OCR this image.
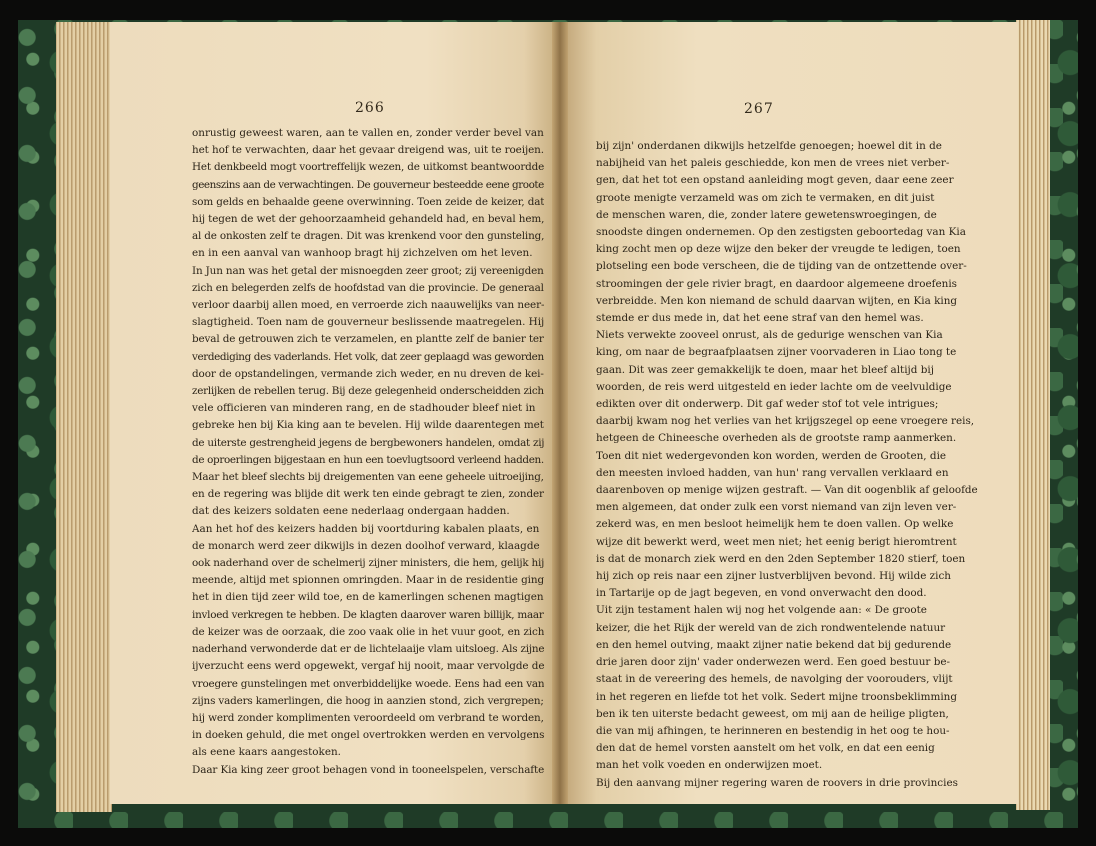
266

onrustig geweest waren, aan te vallen en, zonder verder bevel van

het hof te verwachten, daar het gevaar dreigend was, uit te roeijen.

Het denkbeeld mogt voortreffelijk wezen, de uitkomst beantwoordde

geenszins aan de verwachtingen. De gouverneur besteedde eene groote

som gelds en behaalde geene overwinning. Toen zeide de keizer, dat

hij tegen de wet der gehoorzaamheid gehandeld had, en beval hem,

al de onkosten zelf te dragen. Dit was krenkend voor den gunsteling,

en in een aanval van wanhoop bragt hij zichzelven om het leven.

In Jun nan was het getal der misnoegden zeer groot; zij vereenigden

zich en belegerden zelfs de hoofdstad van die provincie. De generaal

verloor daarbij allen moed, en verroerde zich naauwelijks van neer-

slagtigheid. Toen nam de gouverneur beslissende maatregelen. Hij

beval de getrouwen zich te verzamelen, en plantte zelf de banier ter

verdediging des vaderlands. Het volk, dat zeer geplaagd was geworden

door de opstandelingen, vermande zich weder, en nu dreven de kei-

zerlijken de rebellen terug. Bij deze gelegenheid onderscheidden zich

vele officieren van minderen rang, en de stadhouder bleef niet in

gebreke hen bij Kia king aan te bevelen. Hij wilde daarentegen met

de uiterste gestrengheid jegens de bergbewoners handelen, omdat zij

de oproerlingen bijgestaan en hun een toevlugtsoord verleend hadden.

Maar het bleef slechts bij dreigementen van eene geheele uitroeijing,

en de regering was blijde dit werk ten einde gebragt te zien, zonder

dat des keizers soldaten eene nederlaag ondergaan hadden.

Aan het hof des keizers hadden bij voortduring kabalen plaats, en

de monarch werd zeer dikwijls in dezen doolhof verward, klaagde

ook naderhand over de schelmerij zijner ministers, die hem, gelijk hij

meende, altijd met spionnen omringden. Maar in de residentie ging

het in dien tijd zeer wild toe, en de kamerlingen schenen magtigen

invloed verkregen te hebben. De klagten daarover waren billijk, maar

de keizer was de oorzaak, die zoo vaak olie in het vuur goot, en zich

naderhand verwonderde dat er de lichtelaaije vlam uitsloeg. Als zijne

ijverzucht eens werd opgewekt, vergaf hij nooit, maar vervolgde de

vroegere gunstelingen met onverbiddelijke woede. Eens had een van

zijns vaders kamerlingen, die hoog in aanzien stond, zich vergrepen;

hij werd zonder komplimenten veroordeeld om verbrand te worden,

in doeken gehuld, die met ongel overtrokken werden en vervolgens

als eene kaars aangestoken.

Daar Kia king zeer groot behagen vond in tooneelspelen, verschafte

267

bij zijn' onderdanen dikwijls hetzelfde genoegen; hoewel dit in de

nabijheid van het paleis geschiedde, kon men de vrees niet verber-

gen, dat het tot een opstand aanleiding mogt geven, daar eene zeer

groote menigte verzameld was om zich te vermaken, en dit juist

de menschen waren, die, zonder latere gewetenswroegingen, de

snoodste dingen ondernemen. Op den zestigsten geboortedag van Kia

king zocht men op deze wijze den beker der vreugde te ledigen, toen

plotseling een bode verscheen, die de tijding van de ontzettende over-

stroomingen der gele rivier bragt, en daardoor algemeene droefenis

verbreidde. Men kon niemand de schuld daarvan wijten, en Kia king

stemde er dus mede in, dat het eene straf van den hemel was.

Niets verwekte zooveel onrust, als de gedurige wenschen van Kia

king, om naar de begraafplaatsen zijner voorvaderen in Liao tong te

gaan. Dit was zeer gemakkelijk te doen, maar het bleef altijd bij

woorden, de reis werd uitgesteld en ieder lachte om de veelvuldige

edikten over dit onderwerp. Dit gaf weder stof tot vele intrigues;

daarbij kwam nog het verlies van het krijgszegel op eene vroegere reis,

hetgeen de Chineesche overheden als de grootste ramp aanmerken.

Toen dit niet wedergevonden kon worden, werden de Grooten, die

den meesten invloed hadden, van hun' rang vervallen verklaard en

daarenboven op menige wijzen gestraft. — Van dit oogenblik af geloofde

men algemeen, dat onder zulk een vorst niemand van zijn leven ver-

zekerd was, en men besloot heimelijk hem te doen vallen. Op welke

wijze dit bewerkt werd, weet men niet; het eenig berigt hieromtrent

is dat de monarch ziek werd en den 2den September 1820 stierf, toen

hij zich op reis naar een zijner lustverblijven bevond. Hij wilde zich

in Tartarije op de jagt begeven, en vond onverwacht den dood.

Uit zijn testament halen wij nog het volgende aan: « De groote

keizer, die het Rijk der wereld van de zich rondwentelende natuur

en den hemel outving, maakt zijner natie bekend dat bij gedurende

drie jaren door zijn' vader onderwezen werd. Een goed bestuur be-

staat in de vereering des hemels, de navolging der voorouders, vlijt

in het regeren en liefde tot het volk. Sedert mijne troonsbeklimming

ben ik ten uiterste bedacht geweest, om mij aan de heilige pligten,

die van mij afhingen, te herinneren en bestendig in het oog te hou-

den dat de hemel vorsten aanstelt om het volk, en dat een eenig

man het volk voeden en onderwijzen moet.

Bij den aanvang mijner regering waren de roovers in drie provincies
